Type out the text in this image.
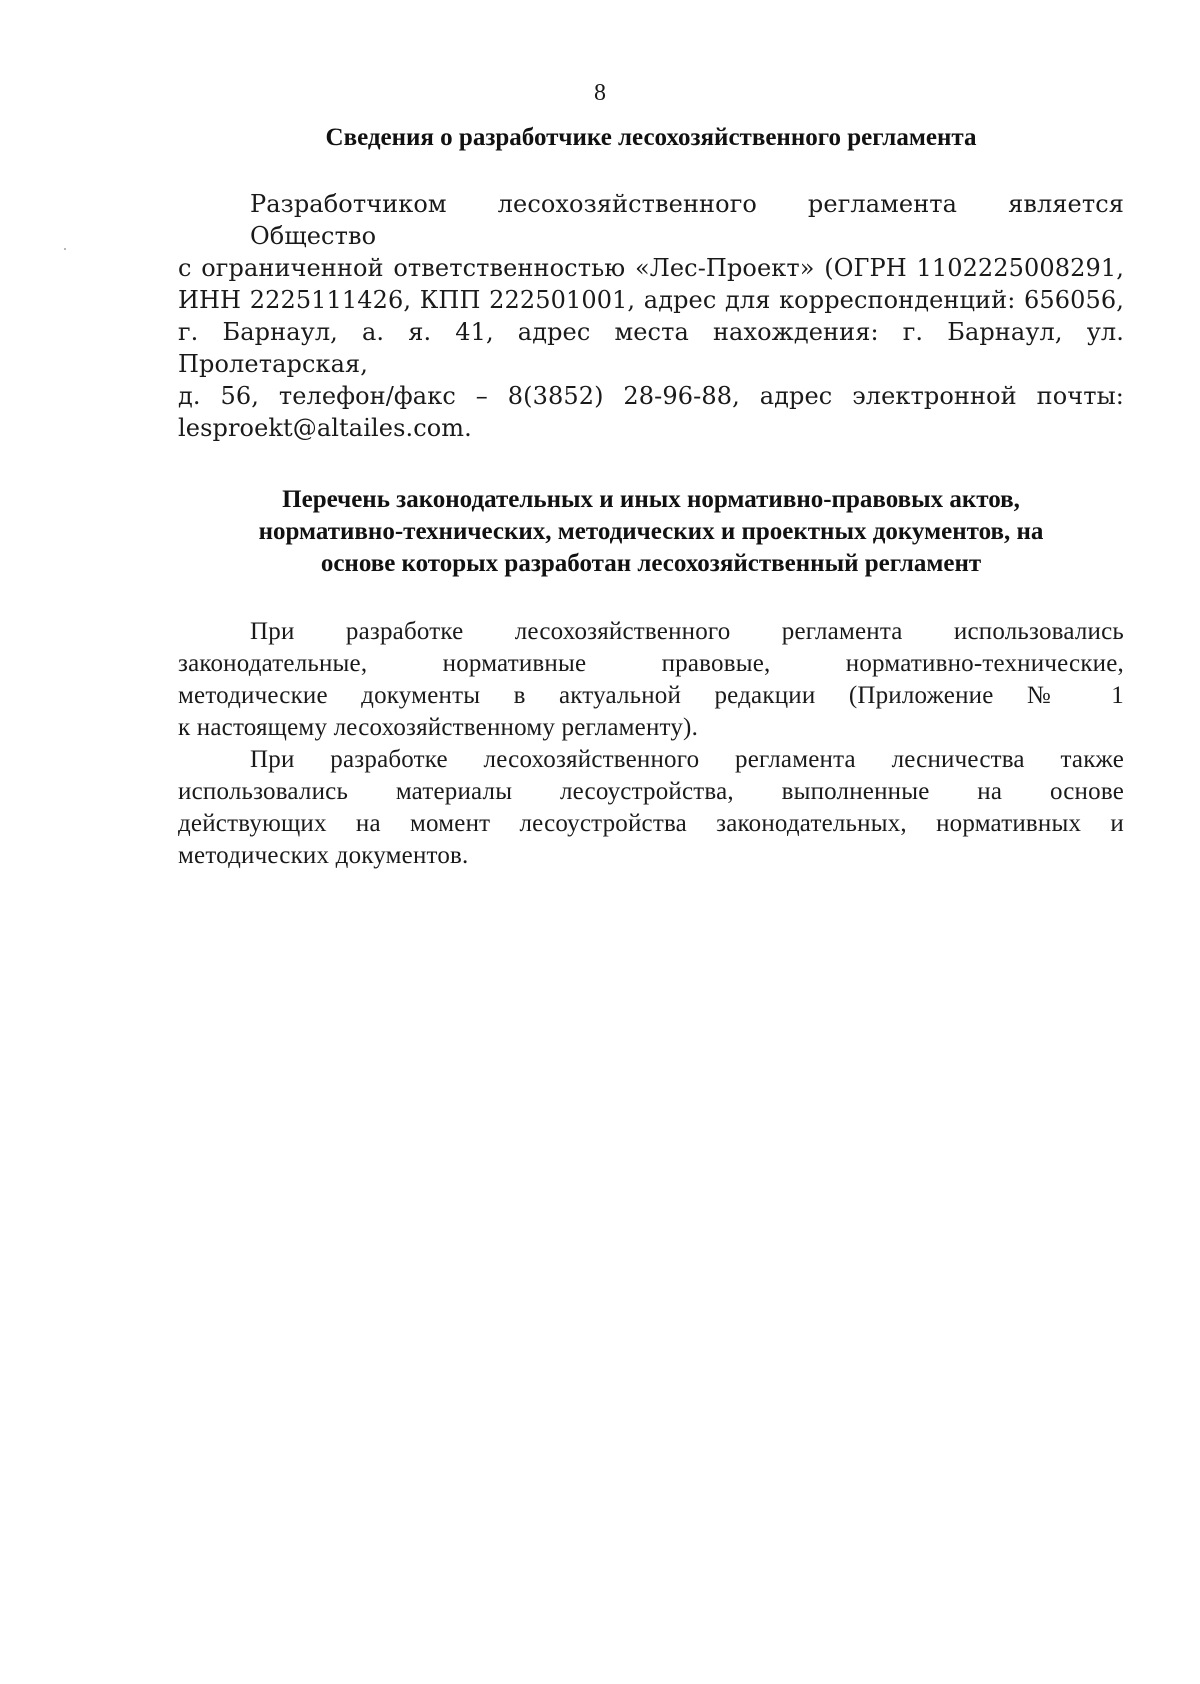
8
Сведения о разработчике лесохозяйственного регламента

Разработчиком лесохозяйственного регламента является Общество
с ограниченной ответственностью «Лес-Проект» (ОГРН 1102225008291,
ИНН 2225111426, КПП 222501001, адрес для корреспонденций: 656056,
г. Барнаул, а. я. 41, адрес места нахождения: г. Барнаул, ул. Пролетарская,
д. 56, телефон/факс – 8(3852) 28-96-88, адрес электронной почты:
lesproekt@altailes.com.

Перечень законодательных и иных нормативно-правовых актов,
нормативно-технических, методических и проектных документов, на
основе которых разработан лесохозяйственный регламент

При разработке лесохозяйственного регламента использовались
законодательные, нормативные правовые, нормативно-технические,
методические документы в актуальной редакции (Приложение № 1
к настоящему лесохозяйственному регламенту).

При разработке лесохозяйственного регламента лесничества также
использовались материалы лесоустройства, выполненные на основе
действующих на момент лесоустройства законодательных, нормативных и
методических документов.
